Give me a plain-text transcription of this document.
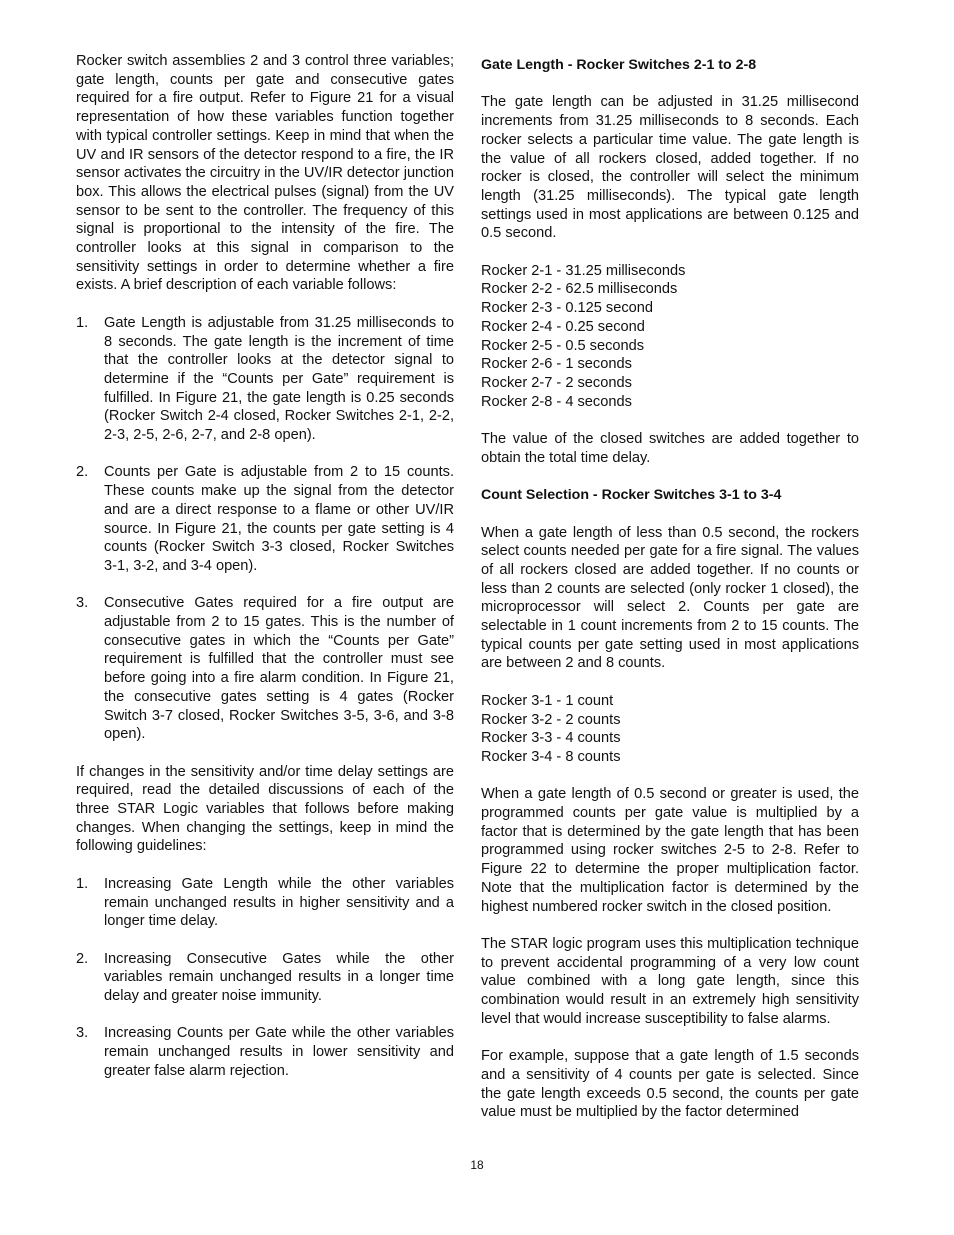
Rocker switch assemblies 2 and 3 control three variables; gate length, counts per gate and consecutive gates required for a fire output. Refer to Figure 21 for a visual representation of how these variables function together with typical controller settings. Keep in mind that when the UV and IR sensors of the detector respond to a fire, the IR sensor activates the circuitry in the UV/IR detector junction box. This allows the electrical pulses (signal) from the UV sensor to be sent to the controller. The frequency of this signal is proportional to the intensity of the fire. The controller looks at this signal in comparison to the sensitivity settings in order to determine whether a fire exists. A brief description of each variable follows:

1. Gate Length is adjustable from 31.25 milliseconds to 8 seconds. The gate length is the increment of time that the controller looks at the detector signal to determine if the “Counts per Gate” requirement is fulfilled. In Figure 21, the gate length is 0.25 seconds (Rocker Switch 2-4 closed, Rocker Switches 2-1, 2-2, 2-3, 2-5, 2-6, 2-7, and 2-8 open).
2. Counts per Gate is adjustable from 2 to 15 counts. These counts make up the signal from the detector and are a direct response to a flame or other UV/IR source. In Figure 21, the counts per gate setting is 4 counts (Rocker Switch 3-3 closed, Rocker Switches 3-1, 3-2, and 3-4 open).
3. Consecutive Gates required for a fire output are adjustable from 2 to 15 gates. This is the number of consecutive gates in which the “Counts per Gate” requirement is fulfilled that the controller must see before going into a fire alarm condition. In Figure 21, the consecutive gates setting is 4 gates (Rocker Switch 3-7 closed, Rocker Switches 3-5, 3-6, and 3-8 open).

If changes in the sensitivity and/or time delay settings are required, read the detailed discussions of each of the three STAR Logic variables that follows before making changes. When changing the settings, keep in mind the following guidelines:

1. Increasing Gate Length while the other variables remain unchanged results in higher sensitivity and a longer time delay.
2. Increasing Consecutive Gates while the other variables remain unchanged results in a longer time delay and greater noise immunity.
3. Increasing Counts per Gate while the other variables remain unchanged results in lower sensitivity and greater false alarm rejection.
Gate Length - Rocker Switches 2-1 to 2-8

The gate length can be adjusted in 31.25 millisecond increments from 31.25 milliseconds to 8 seconds. Each rocker selects a particular time value. The gate length is the value of all rockers closed, added together. If no rocker is closed, the controller will select the minimum length (31.25 milliseconds). The typical gate length settings used in most applications are between 0.125 and 0.5 second.

Rocker 2-1 - 31.25 milliseconds
Rocker 2-2 - 62.5 milliseconds
Rocker 2-3 - 0.125 second
Rocker 2-4 - 0.25 second
Rocker 2-5 - 0.5 seconds
Rocker 2-6 - 1 seconds
Rocker 2-7 - 2 seconds
Rocker 2-8 - 4 seconds

The value of the closed switches are added together to obtain the total time delay.

Count Selection - Rocker Switches 3-1 to 3-4

When a gate length of less than 0.5 second, the rockers select counts needed per gate for a fire signal. The values of all rockers closed are added together. If no counts or less than 2 counts are selected (only rocker 1 closed), the microprocessor will select 2. Counts per gate are selectable in 1 count increments from 2 to 15 counts. The typical counts per gate setting used in most applications are between 2 and 8 counts.

Rocker 3-1 - 1 count
Rocker 3-2 - 2 counts
Rocker 3-3 - 4 counts
Rocker 3-4 - 8 counts

When a gate length of 0.5 second or greater is used, the programmed counts per gate value is multiplied by a factor that is determined by the gate length that has been programmed using rocker switches 2-5 to 2-8. Refer to Figure 22 to determine the proper multiplication factor. Note that the multiplication factor is determined by the highest numbered rocker switch in the closed position.

The STAR logic program uses this multiplication technique to prevent accidental programming of a very low count value combined with a long gate length, since this combination would result in an extremely high sensitivity level that would increase susceptibility to false alarms.

For example, suppose that a gate length of 1.5 seconds and a sensitivity of 4 counts per gate is selected. Since the gate length exceeds 0.5 second, the counts per gate value must be multiplied by the factor determined

18
